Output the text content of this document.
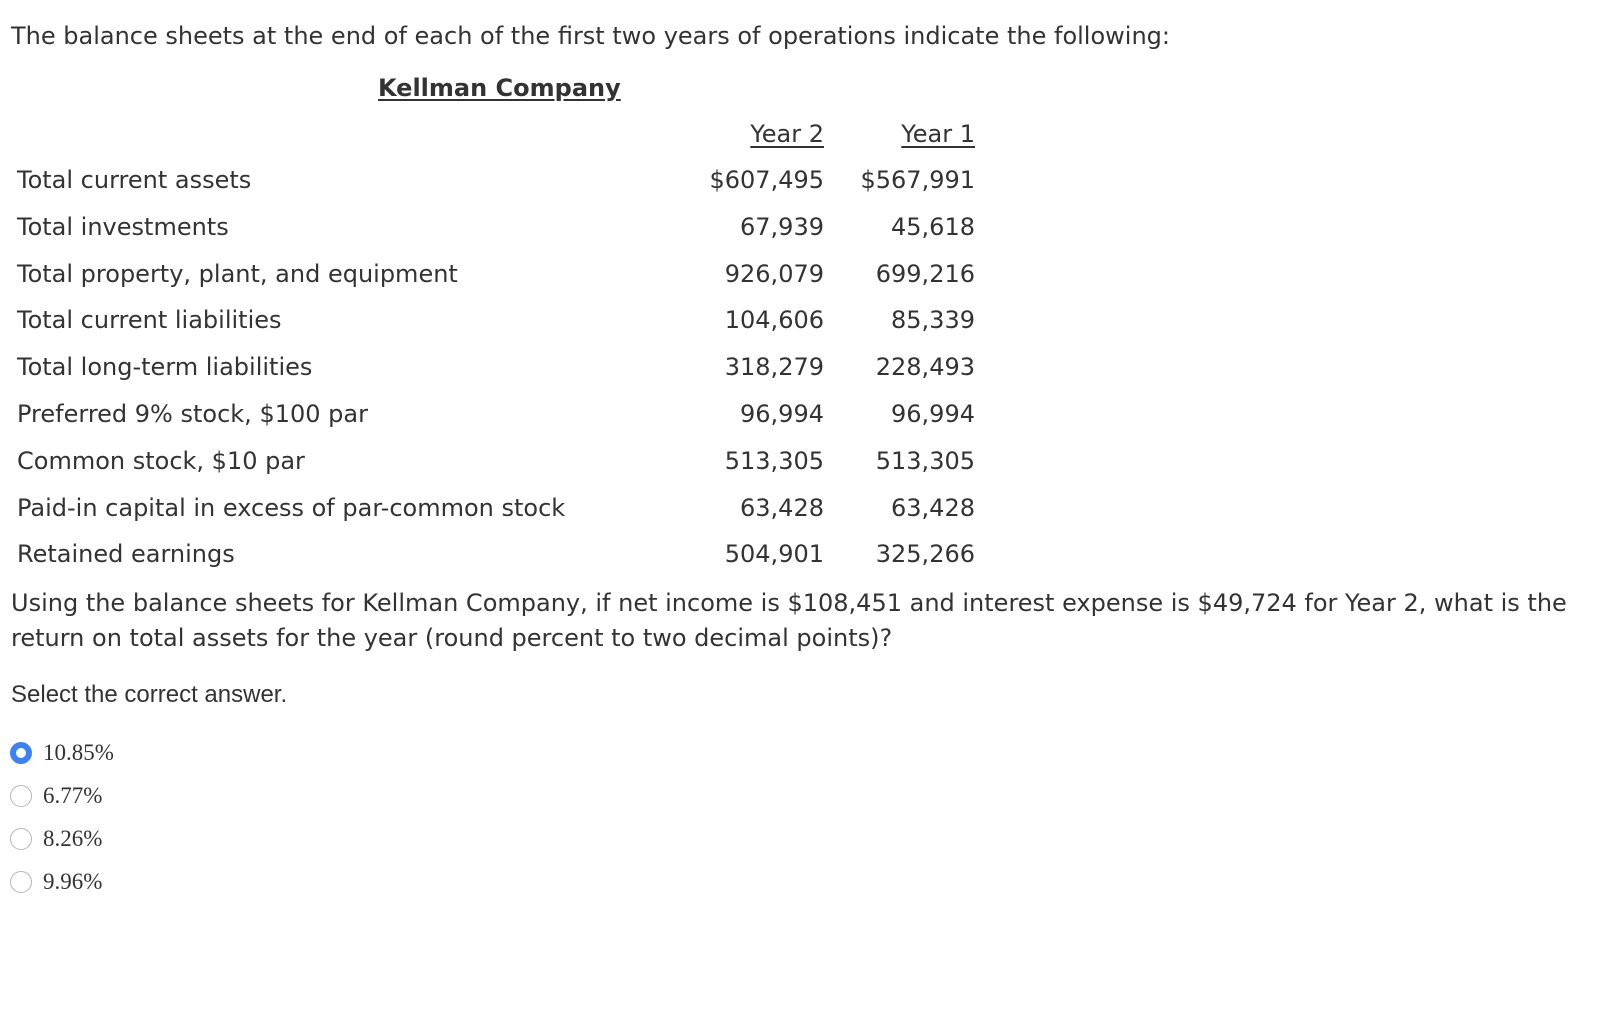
The balance sheets at the end of each of the first two years of operations indicate the following:
Kellman Company
Year 2	Year 1
Total current assets	$607,495	$567,991
Total investments	67,939	45,618
Total property, plant, and equipment	926,079	699,216
Total current liabilities	104,606	85,339
Total long-term liabilities	318,279	228,493
Preferred 9% stock, $100 par	96,994	96,994
Common stock, $10 par	513,305	513,305
Paid-in capital in excess of par-common stock	63,428	63,428
Retained earnings	504,901	325,266
Using the balance sheets for Kellman Company, if net income is $108,451 and interest expense is $49,724 for Year 2, what is the return on total assets for the year (round percent to two decimal points)?
Select the correct answer.
10.85%
6.77%
8.26%
9.96%
